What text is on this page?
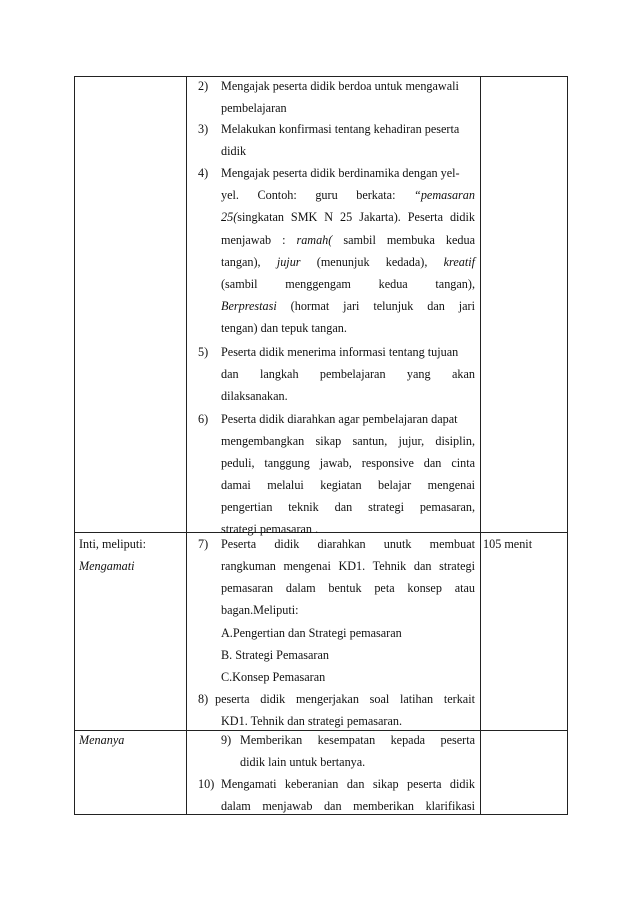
2) Mengajak peserta didik berdoa untuk mengawali
pembelajaran
3) Melakukan konfirmasi tentang kehadiran peserta
didik
4) Mengajak peserta didik berdinamika dengan yel-
yel. Contoh: guru berkata: “pemasaran
25(singkatan SMK N 25 Jakarta). Peserta didik
menjawab : ramah( sambil membuka kedua
tangan), jujur (menunjuk kedada), kreatif
(sambil menggengam kedua tangan),
Berprestasi (hormat jari telunjuk dan jari
tengan) dan tepuk tangan.
5) Peserta didik menerima informasi tentang tujuan
dan langkah pembelajaran yang akan
dilaksanakan.
6) Peserta didik diarahkan agar pembelajaran dapat
mengembangkan sikap santun, jujur, disiplin,
peduli, tanggung jawab, responsive dan cinta
damai melalui kegiatan belajar mengenai
pengertian teknik dan strategi pemasaran,
strategi pemasaran .
Inti, meliputi:
Mengamati
105 menit
7) Peserta didik diarahkan unutk membuat
rangkuman mengenai KD1. Tehnik dan strategi
pemasaran dalam bentuk peta konsep atau
bagan.Meliputi:
A.Pengertian dan Strategi pemasaran
B. Strategi Pemasaran
C.Konsep Pemasaran
8) peserta didik mengerjakan soal latihan terkait
KD1. Tehnik dan strategi pemasaran.
Menanya	9) Memberikan kesempatan kepada peserta
didik lain untuk bertanya.
10) Mengamati keberanian dan sikap peserta didik
dalam menjawab dan memberikan klarifikasi
